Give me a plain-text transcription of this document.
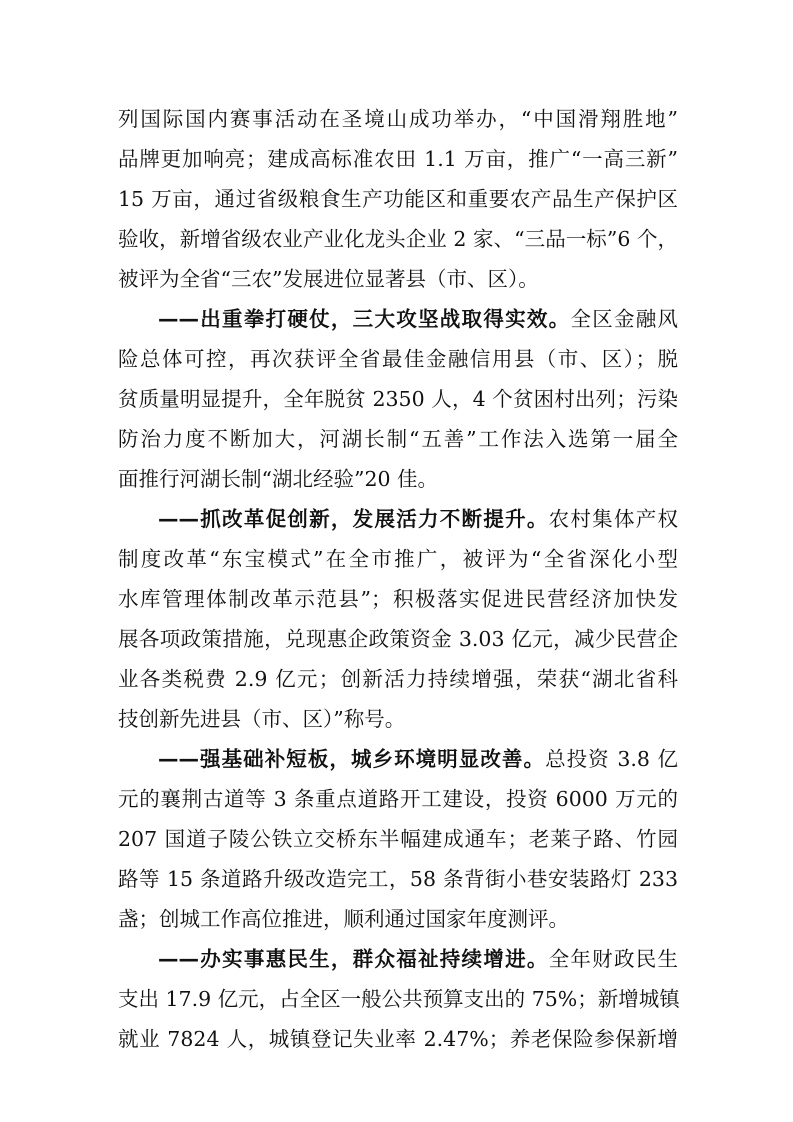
列国际国内赛事活动在圣境山成功举办，“中国滑翔胜地”
品牌更加响亮；建成高标准农田 1.1 万亩，推广“一高三新”
15 万亩，通过省级粮食生产功能区和重要农产品生产保护区
验收，新增省级农业产业化龙头企业 2 家、“三品一标”6 个，
被评为全省“三农”发展进位显著县（市、区）。
——出重拳打硬仗，三大攻坚战取得实效。全区金融风
险总体可控，再次获评全省最佳金融信用县（市、区）；脱
贫质量明显提升，全年脱贫 2350 人，4 个贫困村出列；污染
防治力度不断加大，河湖长制“五善”工作法入选第一届全
面推行河湖长制“湖北经验”20 佳。
——抓改革促创新，发展活力不断提升。农村集体产权
制度改革“东宝模式”在全市推广，被评为“全省深化小型
水库管理体制改革示范县”；积极落实促进民营经济加快发
展各项政策措施，兑现惠企政策资金 3.03 亿元，减少民营企
业各类税费 2.9 亿元；创新活力持续增强，荣获“湖北省科
技创新先进县（市、区）”称号。
——强基础补短板，城乡环境明显改善。总投资 3.8 亿
元的襄荆古道等 3 条重点道路开工建设，投资 6000 万元的
207 国道子陵公铁立交桥东半幅建成通车；老莱子路、竹园
路等 15 条道路升级改造完工，58 条背街小巷安装路灯 233
盏；创城工作高位推进，顺利通过国家年度测评。
——办实事惠民生，群众福祉持续增进。全年财政民生
支出 17.9 亿元，占全区一般公共预算支出的 75%；新增城镇
就业 7824 人，城镇登记失业率 2.47%；养老保险参保新增
